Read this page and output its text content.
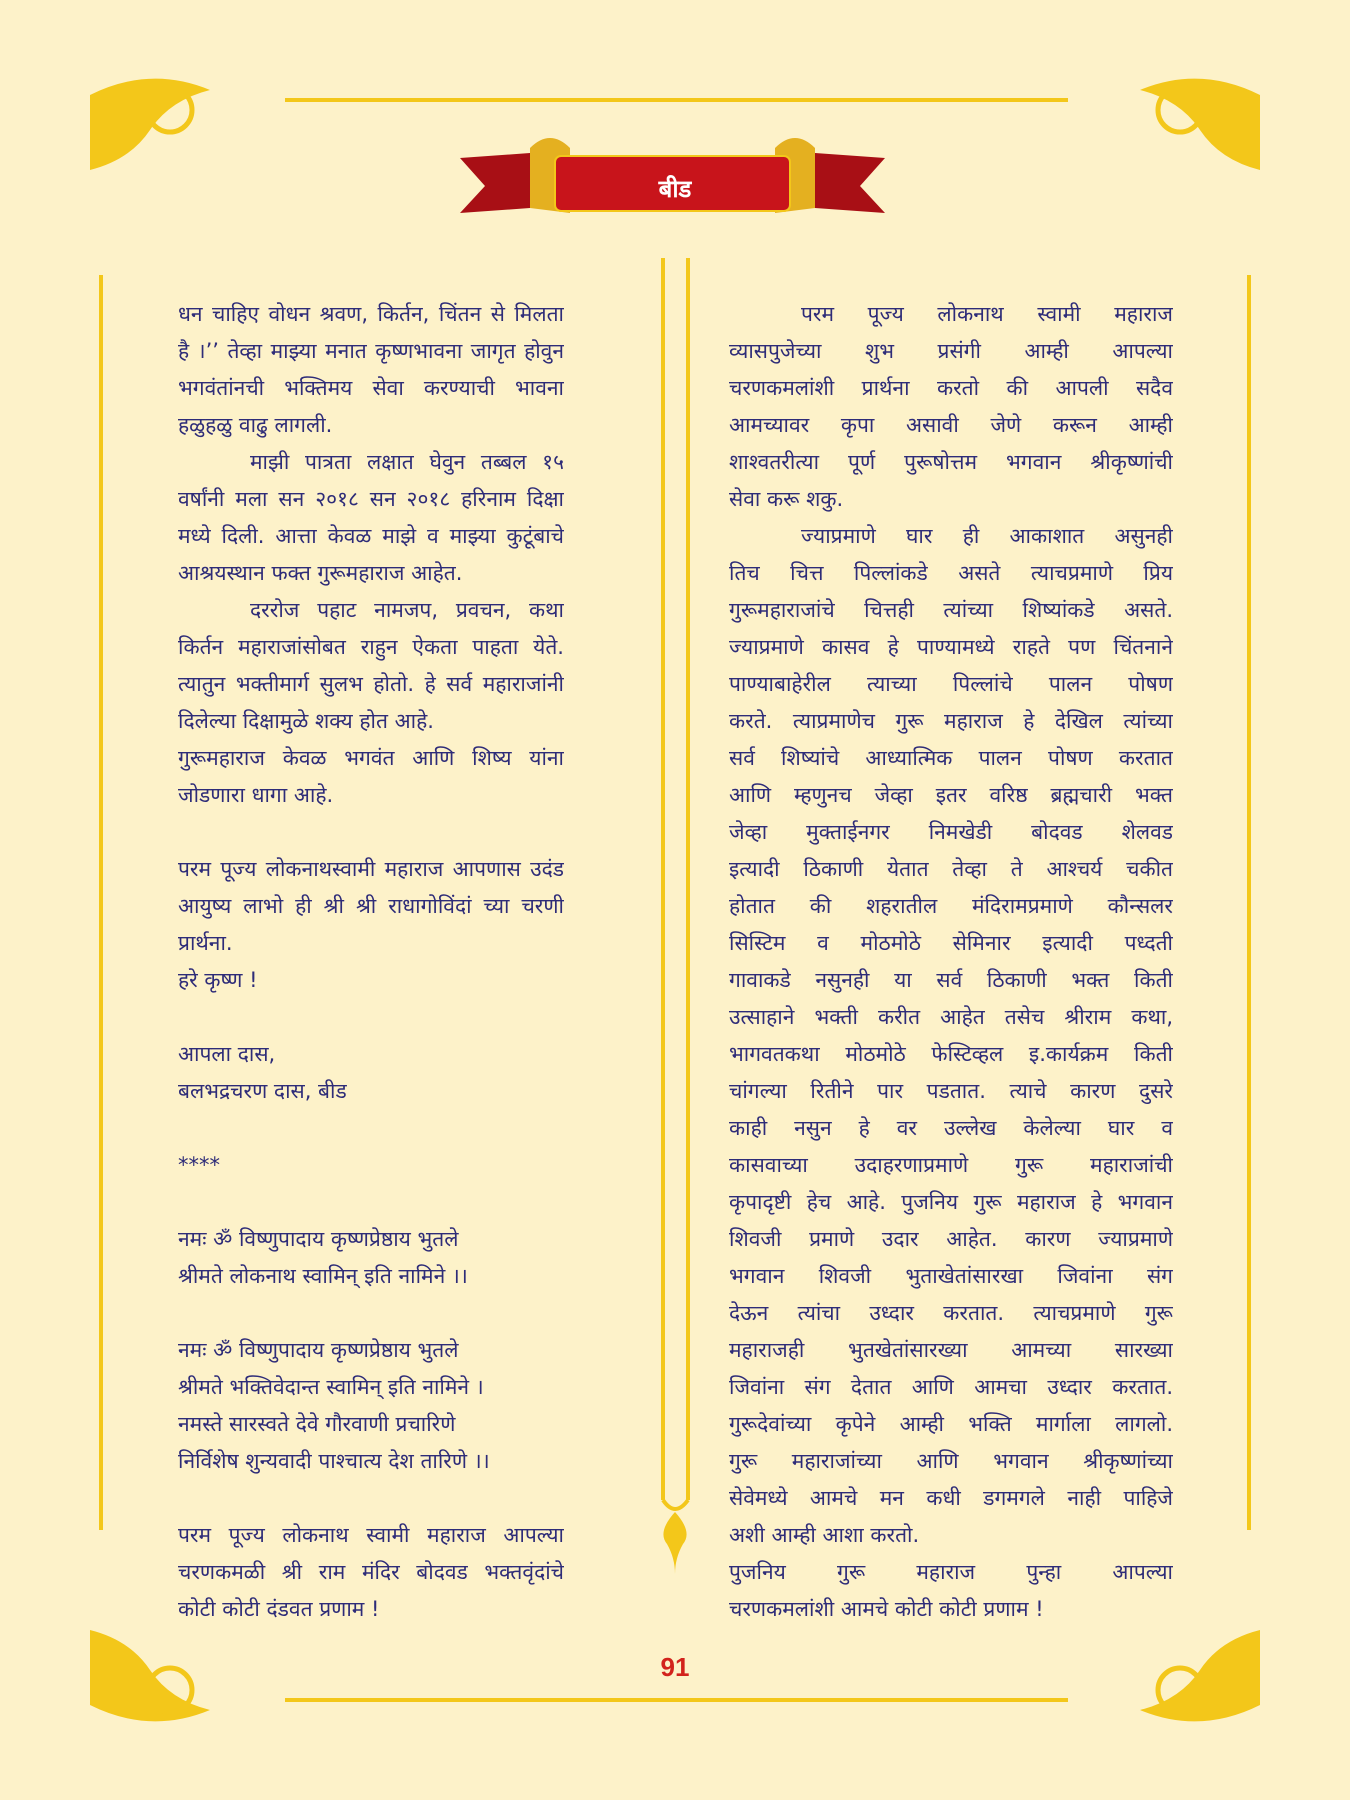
बीड
धन चाहिए वोधन श्रवण, किर्तन, चिंतन से मिलता
है ।’’ तेव्हा माझ्या मनात कृष्णभावना जागृत होवुन
भगवंतांनची भक्तिमय सेवा करण्याची भावना
हळुहळु वाढु लागली.
माझी पात्रता लक्षात घेवुन तब्बल १५
वर्षांनी मला सन २०१८ सन २०१८ हरिनाम दिक्षा
मध्ये दिली. आत्ता केवळ माझे व माझ्या कुटूंबाचे
आश्रयस्थान फक्त गुरूमहाराज आहेत.
दररोज पहाट नामजप, प्रवचन, कथा
किर्तन महाराजांसोबत राहुन ऐकता पाहता येते.
त्यातुन भक्तीमार्ग सुलभ होतो. हे सर्व महाराजांनी
दिलेल्या दिक्षामुळे शक्य होत आहे.
गुरूमहाराज केवळ भगवंत आणि शिष्य यांना
जोडणारा धागा आहे.
परम पूज्य लोकनाथस्वामी महाराज आपणास उदंड
आयुष्य लाभो ही श्री श्री राधागोविंदां च्या चरणी
प्रार्थना.
हरे कृष्ण !
आपला दास,
बलभद्रचरण दास, बीड
****
नमः ॐ विष्णुपादाय कृष्णप्रेष्ठाय भुतले
श्रीमते लोकनाथ स्वामिन् इति नामिने ।।
नमः ॐ विष्णुपादाय कृष्णप्रेष्ठाय भुतले
श्रीमते भक्तिवेदान्त स्वामिन् इति नामिने ।
नमस्ते सारस्वते देवे गौरवाणी प्रचारिणे
निर्विशेष शुन्यवादी पाश्चात्य देश तारिणे ।।
परम पूज्य लोकनाथ स्वामी महाराज आपल्या
चरणकमळी श्री राम मंदिर बोदवड भक्तवृंदांचे
कोटी कोटी दंडवत प्रणाम !
परम पूज्य लोकनाथ स्वामी महाराज
व्यासपुजेच्या शुभ प्रसंगी आम्ही आपल्या
चरणकमलांशी प्रार्थना करतो की आपली सदैव
आमच्यावर कृपा असावी जेणे करून आम्ही
शाश्वतरीत्या पूर्ण पुरूषोत्तम भगवान श्रीकृष्णांची
सेवा करू शकु.
ज्याप्रमाणे घार ही आकाशात असुनही
तिच चित्त पिल्लांकडे असते त्याचप्रमाणे प्रिय
गुरूमहाराजांचे चित्तही त्यांच्या शिष्यांकडे असते.
ज्याप्रमाणे कासव हे पाण्यामध्ये राहते पण चिंतनाने
पाण्याबाहेरील त्याच्या पिल्लांचे पालन पोषण
करते. त्याप्रमाणेच गुरू महाराज हे देखिल त्यांच्या
सर्व शिष्यांचे आध्यात्मिक पालन पोषण करतात
आणि म्हणुनच जेव्हा इतर वरिष्ठ ब्रह्मचारी भक्त
जेव्हा मुक्ताईनगर निमखेडी बोदवड शेलवड
इत्यादी ठिकाणी येतात तेव्हा ते आश्चर्य चकीत
होतात की शहरातील मंदिरामप्रमाणे कौन्सलर
सिस्टिम व मोठमोठे सेमिनार इत्यादी पध्दती
गावाकडे नसुनही या सर्व ठिकाणी भक्त किती
उत्साहाने भक्ती करीत आहेत तसेच श्रीराम कथा,
भागवतकथा मोठमोठे फेस्टिव्हल इ.कार्यक्रम किती
चांगल्या रितीने पार पडतात. त्याचे कारण दुसरे
काही नसुन हे वर उल्लेख केलेल्या घार व
कासवाच्या उदाहरणाप्रमाणे गुरू महाराजांची
कृपादृष्टी हेच आहे. पुजनिय गुरू महाराज हे भगवान
शिवजी प्रमाणे उदार आहेत. कारण ज्याप्रमाणे
भगवान शिवजी भुताखेतांसारखा जिवांना संग
देऊन त्यांचा उध्दार करतात. त्याचप्रमाणे गुरू
महाराजही भुतखेतांसारख्या आमच्या सारख्या
जिवांना संग देतात आणि आमचा उध्दार करतात.
गुरूदेवांच्या कृपेने आम्ही भक्ति मार्गाला लागलो.
गुरू महाराजांच्या आणि भगवान श्रीकृष्णांच्या
सेवेमध्ये आमचे मन कधी डगमगले नाही पाहिजे
अशी आम्ही आशा करतो.
पुजनिय गुरू महाराज पुन्हा आपल्या
चरणकमलांशी आमचे कोटी कोटी प्रणाम !
91
